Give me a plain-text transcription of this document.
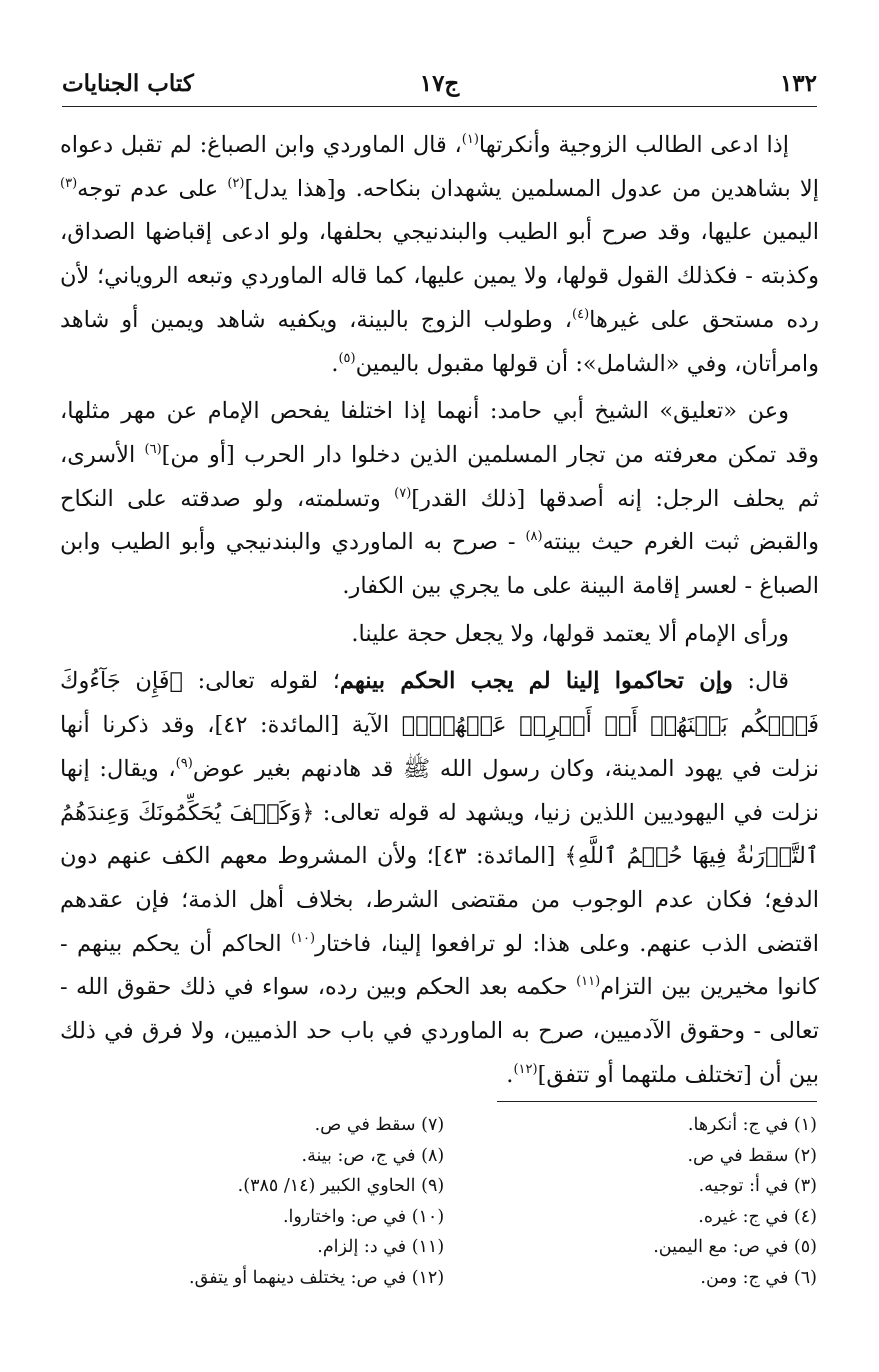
١٣٢
ج١٧
كتاب الجنايات

إذا ادعى الطالب الزوجية وأنكرتها$^{(١)}$، قال الماوردي وابن الصباغ: لم تقبل دعواه إلا بشاهدين من عدول المسلمين يشهدان بنكاحه. و[هذا يدل]$^{(٢)}$ على عدم توجه$^{(٣)}$ اليمين عليها، وقد صرح أبو الطيب والبندنيجي بحلفها، ولو ادعى إقباضها الصداق، وكذبته - فكذلك القول قولها، ولا يمين عليها، كما قاله الماوردي وتبعه الروياني؛ لأن رده مستحق على غيرها$^{(٤)}$، وطولب الزوج بالبينة، ويكفيه شاهد ويمين أو شاهد وامرأتان، وفي «الشامل»: أن قولها مقبول باليمين$^{(٥)}$.

وعن «تعليق» الشيخ أبي حامد: أنهما إذا اختلفا يفحص الإمام عن مهر مثلها، وقد تمكن معرفته من تجار المسلمين الذين دخلوا دار الحرب [أو من]$^{(٦)}$ الأسرى، ثم يحلف الرجل: إنه أصدقها [ذلك القدر]$^{(٧)}$ وتسلمته، ولو صدقته على النكاح والقبض ثبت الغرم حيث بينته$^{(٨)}$ - صرح به الماوردي والبندنيجي وأبو الطيب وابن الصباغ - لعسر إقامة البينة على ما يجري بين الكفار.

ورأى الإمام ألا يعتمد قولها، ولا يجعل حجة علينا.

قال: وإن تحاكموا إلينا لم يجب الحكم بينهم؛ لقوله تعالى: ﴿فَإِن جَآءُوكَ فَٱحۡكُم بَيۡنَهُمۡ أَوۡ أَعۡرِضۡ عَنۡهُمۡۖ﴾ الآية [المائدة: ٤٢]، وقد ذكرنا أنها نزلت في يهود المدينة، وكان رسول الله ﷺ قد هادنهم بغير عوض$^{(٩)}$، ويقال: إنها نزلت في اليهوديين اللذين زنيا، ويشهد له قوله تعالى: ﴿وَكَيۡفَ يُحَكِّمُونَكَ وَعِندَهُمُ ٱلتَّوۡرَىٰةُ فِيهَا حُكۡمُ ٱللَّهِ﴾ [المائدة: ٤٣]؛ ولأن المشروط معهم الكف عنهم دون الدفع؛ فكان عدم الوجوب من مقتضى الشرط، بخلاف أهل الذمة؛ فإن عقدهم اقتضى الذب عنهم. وعلى هذا: لو ترافعوا إلينا، فاختار$^{(١٠)}$ الحاكم أن يحكم بينهم - كانوا مخيرين بين التزام$^{(١١)}$ حكمه بعد الحكم وبين رده، سواء في ذلك حقوق الله - تعالى - وحقوق الآدميين، صرح به الماوردي في باب حد الذميين، ولا فرق في ذلك بين أن [تختلف ملتهما أو تتفق]$^{(١٢)}$.

(١) في ج: أنكرها.
(٢) سقط في ص.
(٣) في أ: توجيه.
(٤) في ج: غيره.
(٥) في ص: مع اليمين.
(٦) في ج: ومن.
(٧) سقط في ص.
(٨) في ج، ص: بينة.
(٩) الحاوي الكبير (١٤/ ٣٨٥).
(١٠) في ص: واختاروا.
(١١) في د: إلزام.
(١٢) في ص: يختلف دينهما أو يتفق.
